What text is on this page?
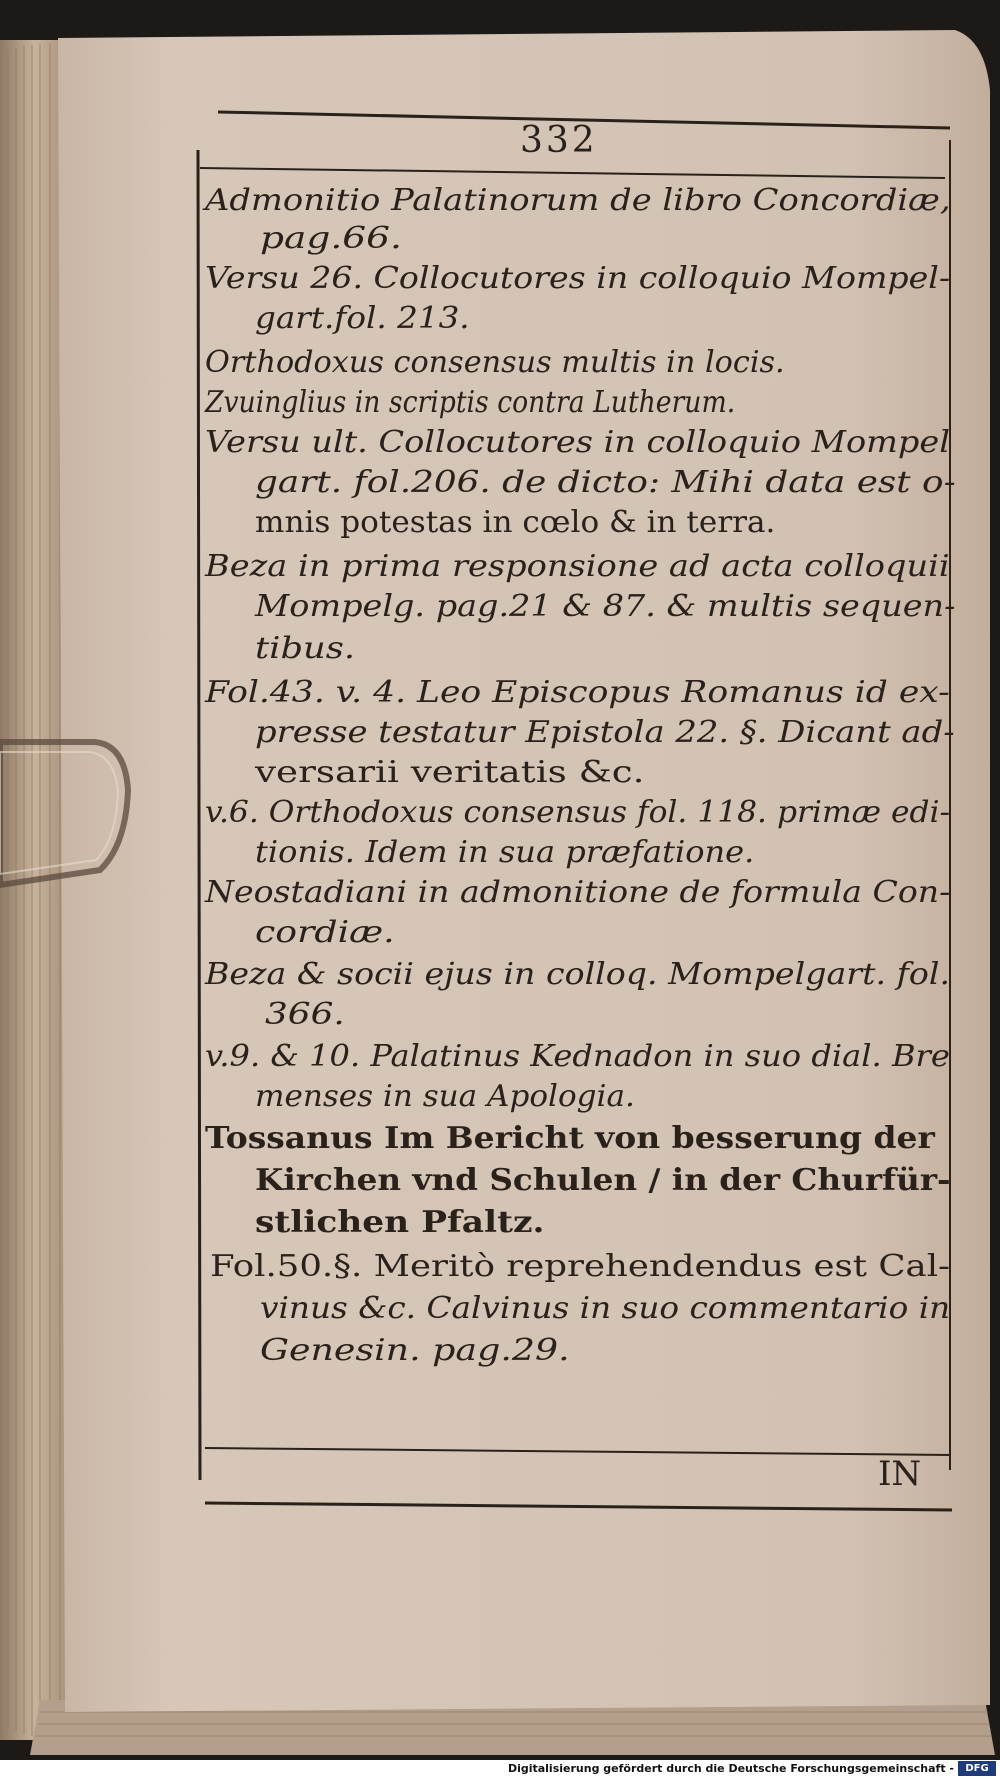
332
Admonitio Palatinorum de libro Concordiæ,
pag.66.
Versu 26. Collocutores in colloquio Mompel-
gart.fol. 213.
Orthodoxus consensus multis in locis.
Zvuinglius in scriptis contra Lutherum.
Versu ult. Collocutores in colloquio Mompel
gart. fol.206. de dicto: Mihi data est o-
mnis potestas in cœlo & in terra.
Beza in prima responsione ad acta colloquii
Mompelg. pag.21 & 87. & multis sequen-
tibus.
Fol.43. v. 4. Leo Episcopus Romanus id ex-
presse testatur Epistola 22. §. Dicant ad-
versarii veritatis &c.
v.6. Orthodoxus consensus fol. 118. primæ edi-
tionis. Idem in sua præfatione.
Neostadiani in admonitione de formula Con-
cordiæ.
Beza & socii ejus in colloq. Mompelgart. fol.
366.
v.9. & 10. Palatinus Kednadon in suo dial. Bre
menses in sua Apologia.
Tossanus Im Bericht von besserung der
Kirchen vnd Schulen / in der Churfür-
stlichen Pfaltz.
Fol.50.§. Meritò reprehendendus est Cal-
vinus &c. Calvinus in suo commentario in
Genesin. pag.29.
IN
Digitalisierung gefördert durch die Deutsche Forschungsgemeinschaft -	DFG
